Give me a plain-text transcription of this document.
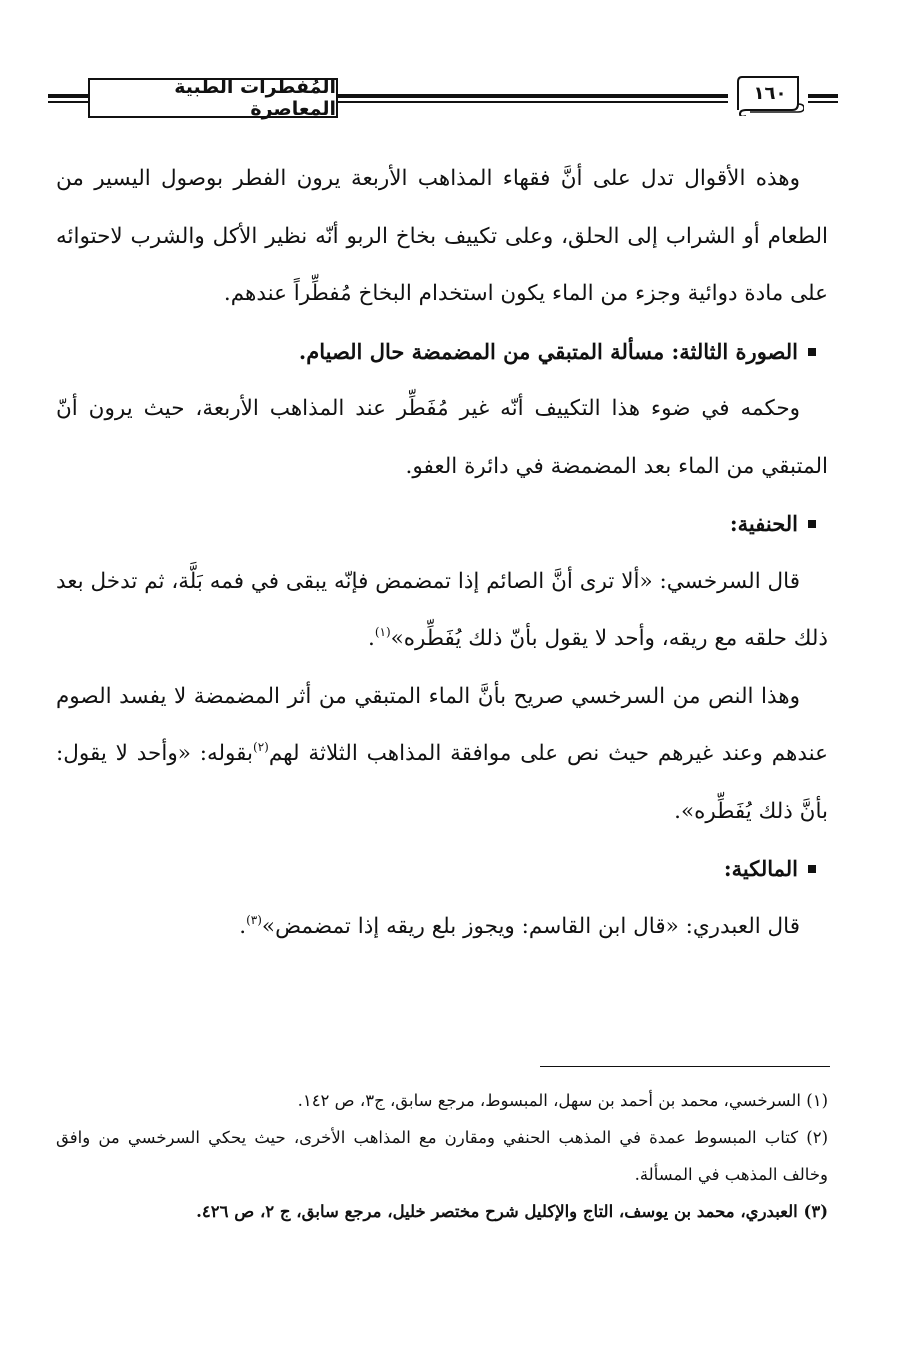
المُفطرات الطبية المعاصرة
١٦٠

وهذه الأقوال تدل على أنَّ فقهاء المذاهب الأربعة يرون الفطر بوصول اليسير من الطعام أو الشراب إلى الحلق، وعلى تكييف بخاخ الربو أنّه نظير الأكل والشرب لاحتوائه على مادة دوائية وجزء من الماء يكون استخدام البخاخ مُفطِّراً عندهم.

الصورة الثالثة: مسألة المتبقي من المضمضة حال الصيام.

وحكمه في ضوء هذا التكييف أنّه غير مُفَطِّر عند المذاهب الأربعة، حيث يرون أنّ المتبقي من الماء بعد المضمضة في دائرة العفو.

الحنفية:

قال السرخسي: «ألا ترى أنَّ الصائم إذا تمضمض فإنّه يبقى في فمه بَلَّة، ثم تدخل بعد ذلك حلقه مع ريقه، وأحد لا يقول بأنّ ذلك يُفَطِّره»$^{(١)}$.

وهذا النص من السرخسي صريح بأنَّ الماء المتبقي من أثر المضمضة لا يفسد الصوم عندهم وعند غيرهم حيث نص على موافقة المذاهب الثلاثة لهم$^{(٢)}$بقوله: «وأحد لا يقول: بأنَّ ذلك يُفَطِّره».

المالكية:

قال العبدري: «قال ابن القاسم: ويجوز بلع ريقه إذا تمضمض»$^{(٣)}$.

(١) السرخسي، محمد بن أحمد بن سهل، المبسوط، مرجع سابق، ج٣، ص ١٤٢.

(٢) كتاب المبسوط عمدة في المذهب الحنفي ومقارن مع المذاهب الأخرى، حيث يحكي السرخسي من وافق وخالف المذهب في المسألة.

(٣) العبدري، محمد بن يوسف، التاج والإكليل شرح مختصر خليل، مرجع سابق، ج ٢، ص ٤٢٦.
